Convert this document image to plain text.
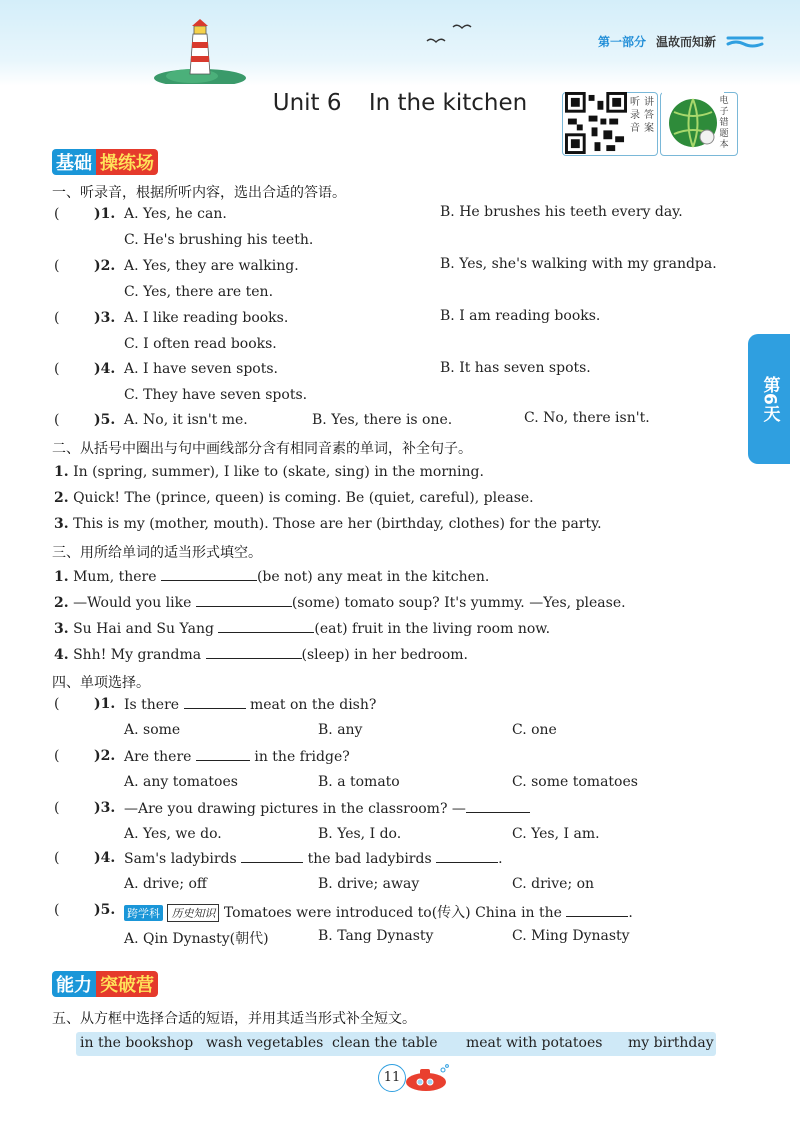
第一部分 温故而知新
Unit 6 In the kitchen	听 讲
录 答
音 案
电
子
错
题
本
第6天
基础 操练场
一、听录音，根据所听内容，选出合适的答语。
( )1. A. Yes, he can.	B. He brushes his teeth every day.
C. He's brushing his teeth.
( )2. A. Yes, they are walking.	B. Yes, she's walking with my grandpa.
C. Yes, there are ten.
( )3. A. I like reading books.	B. I am reading books.
C. I often read books.
( )4. A. I have seven spots.	B. It has seven spots.
C. They have seven spots.
( )5. A. No, it isn't me.	B. Yes, there is one.	C. No, there isn't.
二、从括号中圈出与句中画线部分含有相同音素的单词，补全句子。
1. In (spring, summer), I like to (skate, sing) in the morning.
2. Quick! The (prince, queen) is coming. Be (quiet, careful), please.
3. This is my (mother, mouth). Those are her (birthday, clothes) for the party.
三、用所给单词的适当形式填空。
1. Mum, there	(be not) any meat in the kitchen.
2. —Would you like	(some) tomato soup? It's yummy. —Yes, please.
3. Su Hai and Su Yang	(eat) fruit in the living room now.
4. Shh! My grandma	(sleep) in her bedroom.
四、单项选择。
( )1. Is there	meat on the dish?
A. some	B. any	C. one
( )2. Are there	in the fridge?
A. any tomatoes	B. a tomato	C. some tomatoes
( )3. —Are you drawing pictures in the classroom? —
A. Yes, we do.	B. Yes, I do.	C. Yes, I am.
( )4. Sam's ladybirds	the bad ladybirds	.
A. drive; off	B. drive; away	C. drive; on
( )5. 跨学科 历史知识 Tomatoes were introduced to(传入) China in the	.
A. Qin Dynasty(朝代)	B. Tang Dynasty	C. Ming Dynasty
能力 突破营
五、从方框中选择合适的短语，并用其适当形式补全短文。
in the bookshop wash vegetables clean the table meat with potatoes my birthday
11
